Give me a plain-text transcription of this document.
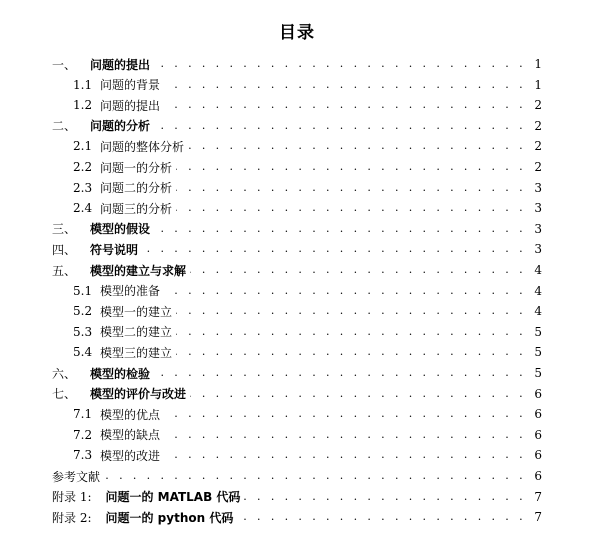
目录
一、 问题的提出 . . .	1
1.1 问题的背景 . . .	1
1.2 问题的提出 . . .	2
二、 问题的分析 . . .	2
2.1 问题的整体分析 . . .	2
2.2 问题一的分析 . . .	2
2.3 问题二的分析 . . .	3
2.4 问题三的分析 . . .	3
三、 模型的假设 . . .	3
四、 符号说明 . . .	3
五、 模型的建立与求解 . . .	4
5.1 模型的准备 . . .	4
5.2 模型一的建立 . . .	4
5.3 模型二的建立 . . .	5
5.4 模型三的建立 . . .	5
六、 模型的检验 . . .	5
七、 模型的评价与改进 . . .	6
7.1 模型的优点 . . .	6
7.2 模型的缺点 . . .	6
7.3 模型的改进 . . .	6
参考文献 . . .	6
附录 1: 问题一的 MATLAB 代码 . . .	7
附录 2: 问题一的 python 代码 . . .	7
